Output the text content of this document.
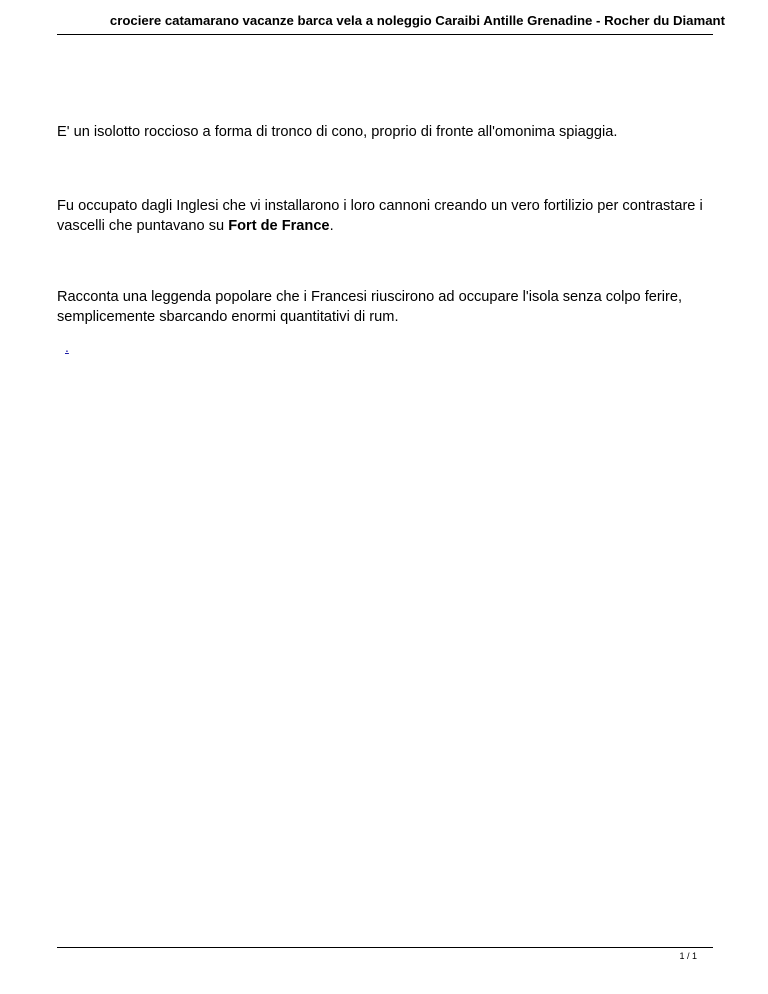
crociere catamarano vacanze barca vela a noleggio Caraibi Antille Grenadine - Rocher du Diamant

E' un isolotto roccioso a forma di tronco di cono, proprio di fronte all'omonima spiaggia.

Fu occupato dagli Inglesi che vi installarono i loro cannoni creando un vero fortilizio per contrastare i vascelli che puntavano su Fort de France.

Racconta una leggenda popolare che i Francesi riuscirono ad occupare l'isola senza colpo ferire, semplicemente sbarcando enormi quantitativi di rum.

.
1 / 1
